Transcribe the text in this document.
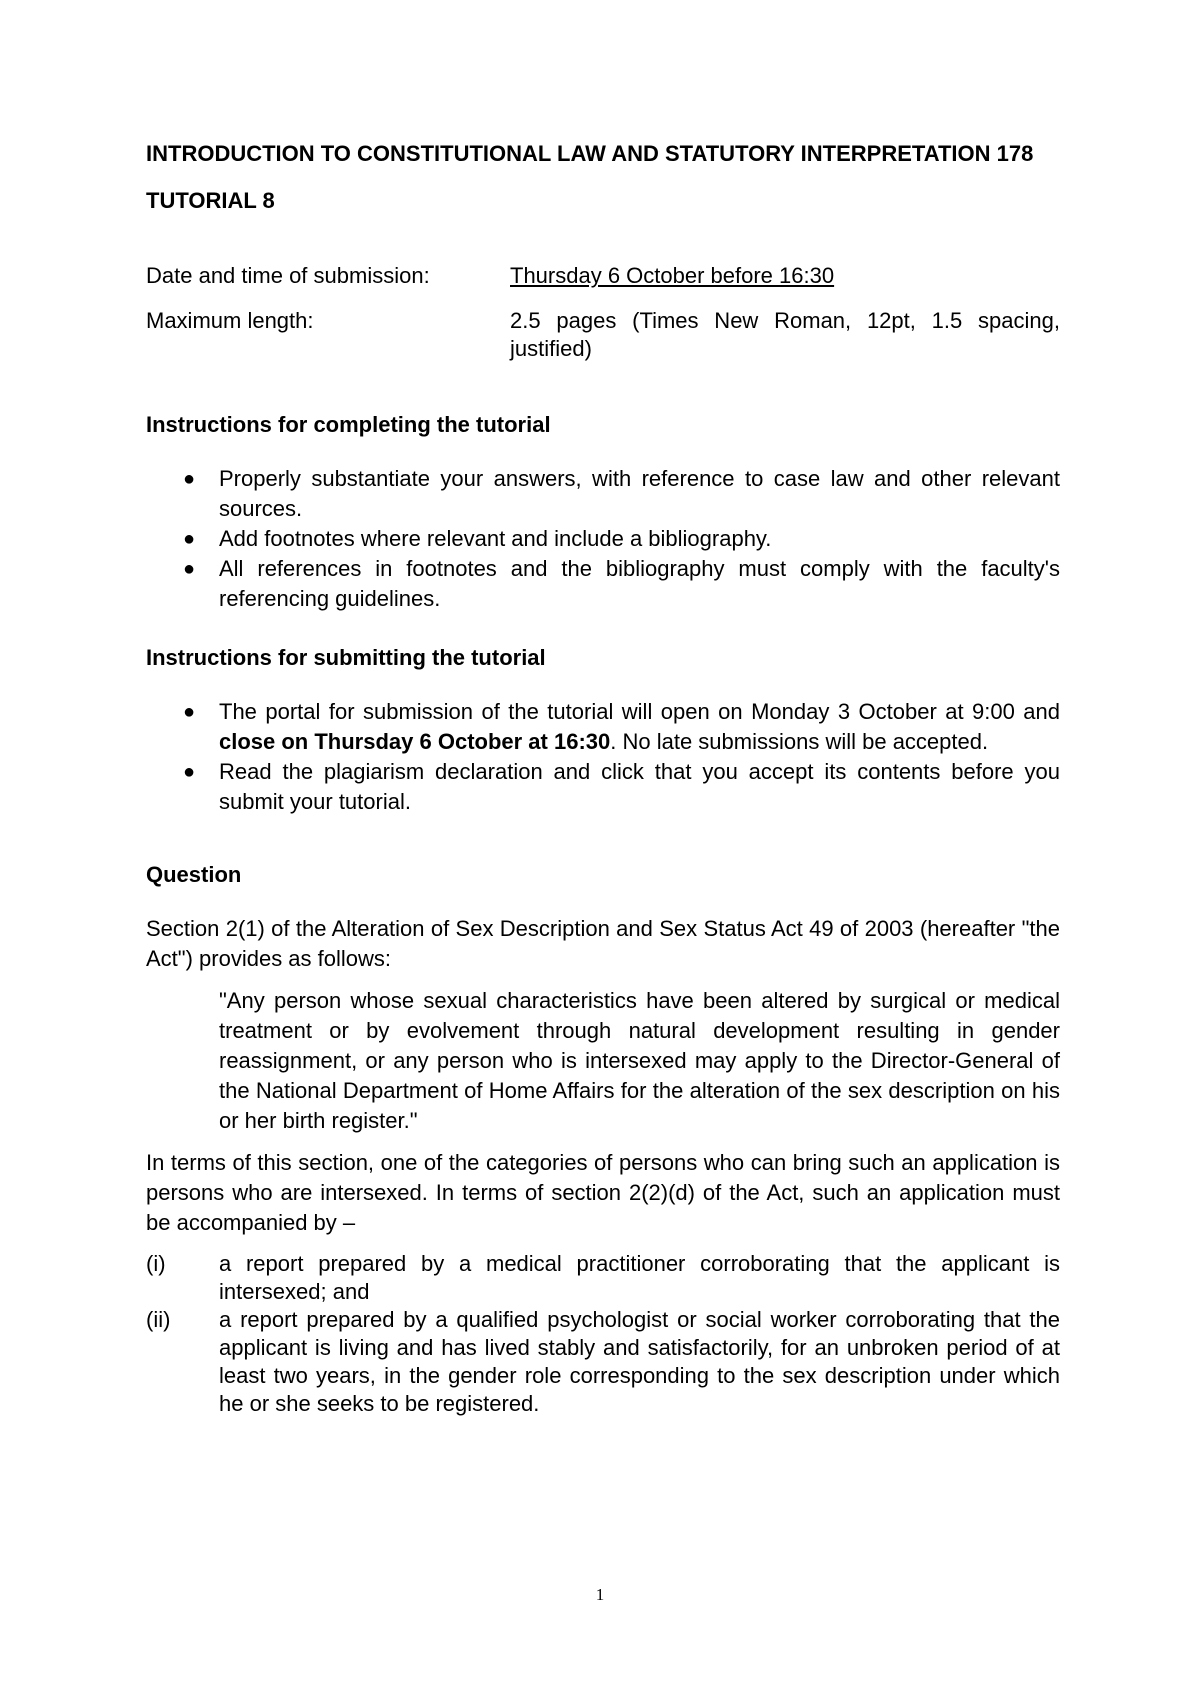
INTRODUCTION TO CONSTITUTIONAL LAW AND STATUTORY INTERPRETATION 178

TUTORIAL 8

Date and time of submission:	Thursday 6 October before 16:30
Maximum length:	2.5 pages (Times New Roman, 12pt, 1.5 spacing, justified)
Instructions for completing the tutorial
● Properly substantiate your answers, with reference to case law and other relevant sources.
● Add footnotes where relevant and include a bibliography.
● All references in footnotes and the bibliography must comply with the faculty's referencing guidelines.
Instructions for submitting the tutorial
● The portal for submission of the tutorial will open on Monday 3 October at 9:00 and close on Thursday 6 October at 16:30. No late submissions will be accepted.
● Read the plagiarism declaration and click that you accept its contents before you submit your tutorial.
Question

Section 2(1) of the Alteration of Sex Description and Sex Status Act 49 of 2003 (hereafter "the Act") provides as follows:

"Any person whose sexual characteristics have been altered by surgical or medical treatment or by evolvement through natural development resulting in gender reassignment, or any person who is intersexed may apply to the Director-General of the National Department of Home Affairs for the alteration of the sex description on his or her birth register."

In terms of this section, one of the categories of persons who can bring such an application is persons who are intersexed. In terms of section 2(2)(d) of the Act, such an application must be accompanied by –

(i) a report prepared by a medical practitioner corroborating that the applicant is intersexed; and
(ii) a report prepared by a qualified psychologist or social worker corroborating that the applicant is living and has lived stably and satisfactorily, for an unbroken period of at least two years, in the gender role corresponding to the sex description under which he or she seeks to be registered.
1
